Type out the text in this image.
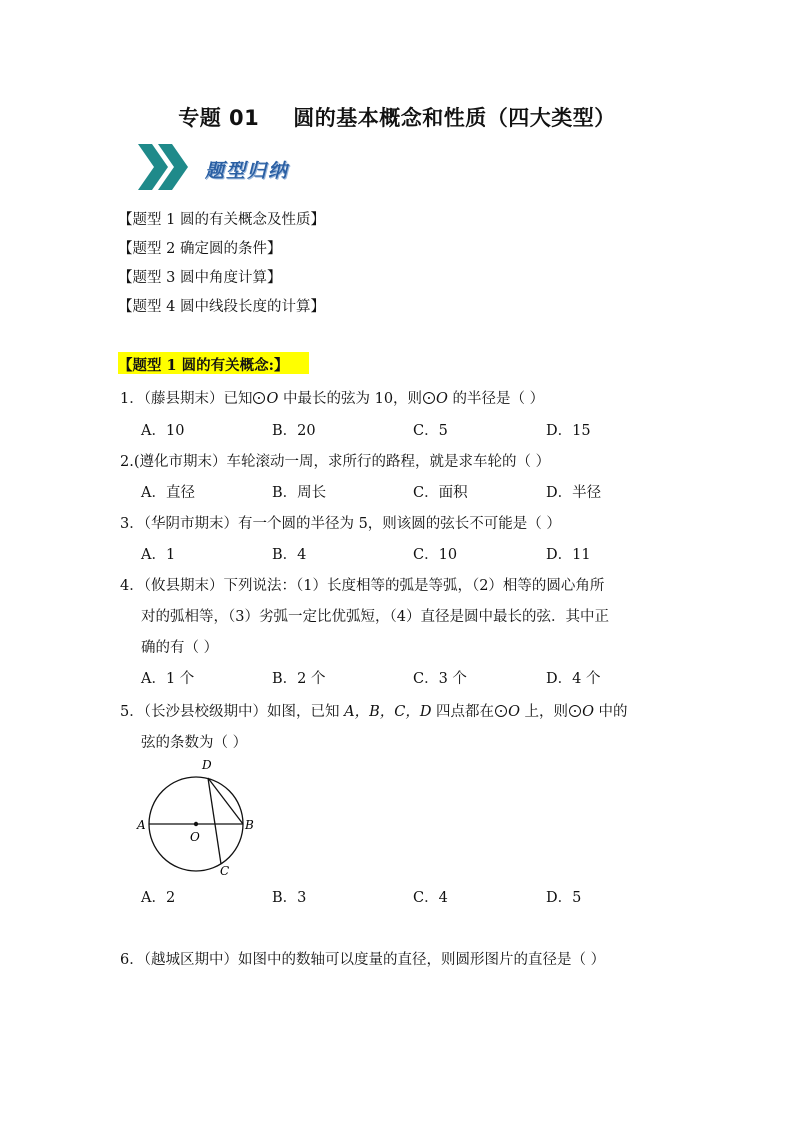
专题 01 圆的基本概念和性质（四大类型）
题型归纳
【题型 1 圆的有关概念及性质】
【题型 2 确定圆的条件】
【题型 3 圆中角度计算】
【题型 4 圆中线段长度的计算】
【题型 1 圆的有关概念:】
1．（藤县期末）已知 O 中最长的弦为 10，则 O 的半径是（ ）
A．10	B．20	C．5	D．15
2.(遵化市期末）车轮滚动一周，求所行的路程，就是求车轮的（ ）
A．直径	B．周长	C．面积	D．半径
3．（华阴市期末）有一个圆的半径为 5，则该圆的弦长不可能是（ ）
A．1	B．4	C．10	D．11
4．（攸县期末）下列说法：（1）长度相等的弧是等弧，（2）相等的圆心角所
对的弧相等，（3）劣弧一定比优弧短，（4）直径是圆中最长的弦．其中正
确的有（ ）
A．1 个	B．2 个	C．3 个	D．4 个
5．（长沙县校级期中）如图，已知 A，B，C，D 四点都在 O 上，则 O 中的
弦的条数为（ ）
A	B
C
D
O
A．2	B．3	C．4	D．5
6．（越城区期中）如图中的数轴可以度量的直径，则圆形图片的直径是（ ）
